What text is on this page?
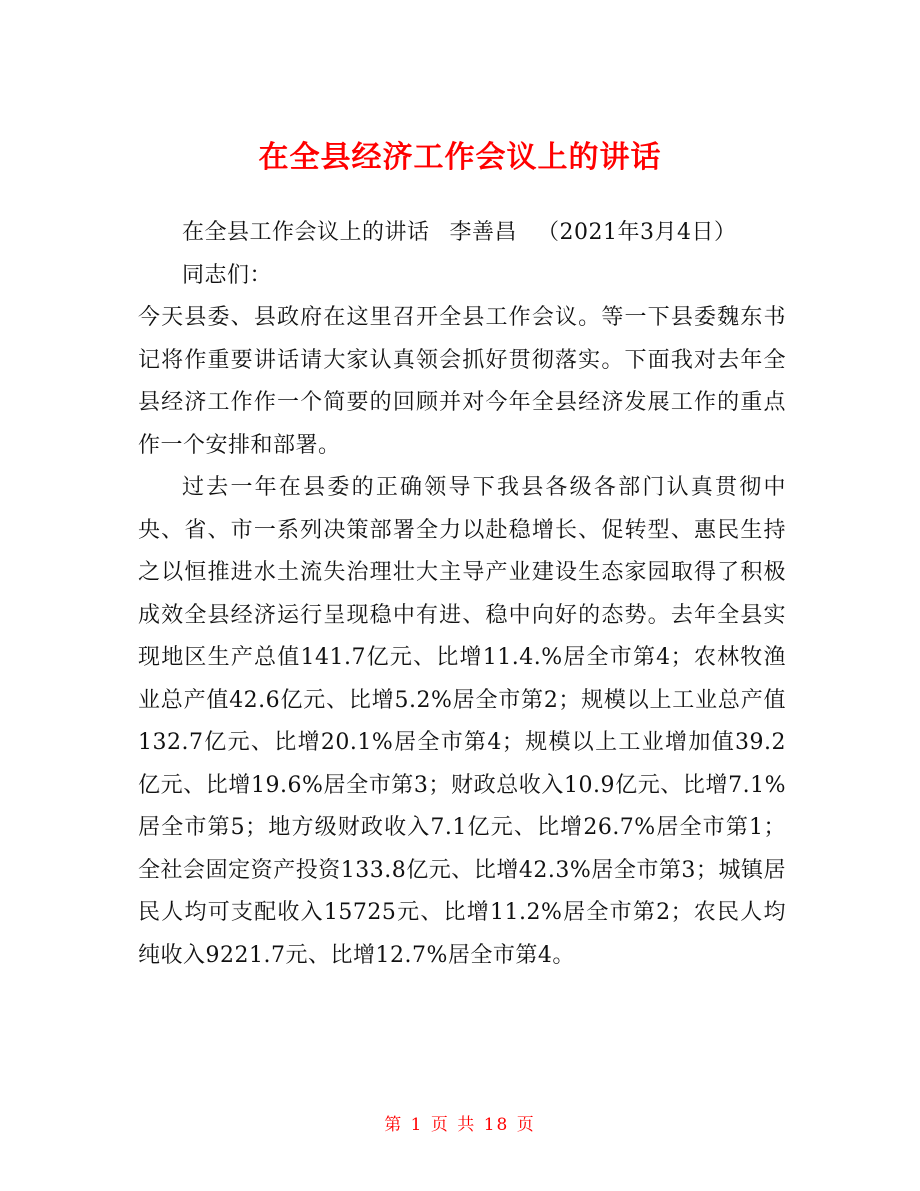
在全县经济工作会议上的讲话

在全县工作会议上的讲话 李善昌 （2021年3月4日）

同志们：

今天县委、县政府在这里召开全县工作会议。等一下县委魏东书记将作重要讲话请大家认真领会抓好贯彻落实。下面我对去年全县经济工作作一个简要的回顾并对今年全县经济发展工作的重点作一个安排和部署。

过去一年在县委的正确领导下我县各级各部门认真贯彻中央、省、市一系列决策部署全力以赴稳增长、促转型、惠民生持之以恒推进水土流失治理壮大主导产业建设生态家园取得了积极成效全县经济运行呈现稳中有进、稳中向好的态势。去年全县实现地区生产总值141.7亿元、比增11.4.%居全市第4；农林牧渔业总产值42.6亿元、比增5.2%居全市第2；规模以上工业总产值132.7亿元、比增20.1%居全市第4；规模以上工业增加值39.2亿元、比增19.6%居全市第3；财政总收入10.9亿元、比增7.1%居全市第5；地方级财政收入7.1亿元、比增26.7%居全市第1；全社会固定资产投资133.8亿元、比增42.3%居全市第3；城镇居民人均可支配收入15725元、比增11.2%居全市第2；农民人均纯收入9221.7元、比增12.7%居全市第4。

第 1 页 共 18 页
